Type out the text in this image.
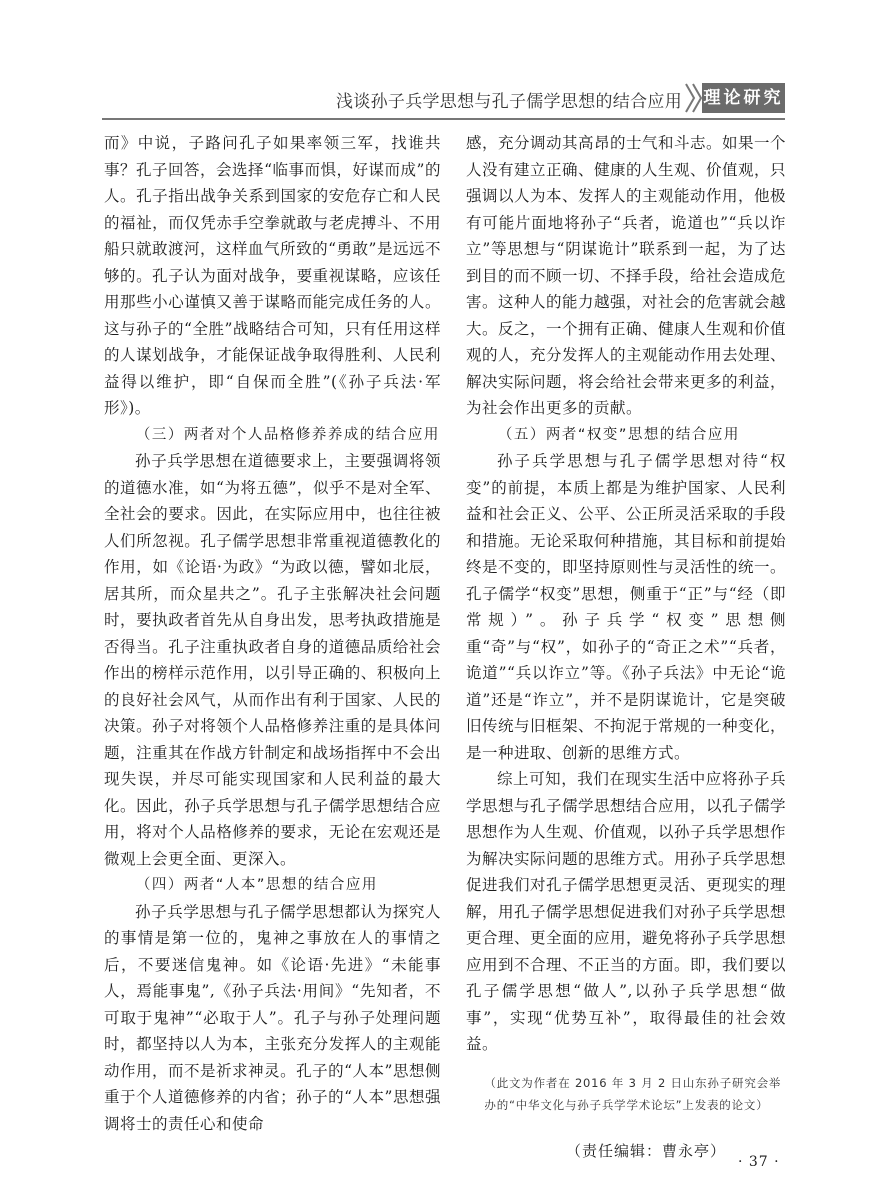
浅谈孙子兵学思想与孔子儒学思想的结合应用 理论研究

而》中说，子路问孔子如果率领三军，找谁共事？孔子回答，会选择“临事而惧，好谋而成”的人。孔子指出战争关系到国家的安危存亡和人民的福祉，而仅凭赤手空拳就敢与老虎搏斗、不用船只就敢渡河，这样血气所致的“勇敢”是远远不够的。孔子认为面对战争，要重视谋略，应该任用那些小心谨慎又善于谋略而能完成任务的人。这与孙子的“全胜”战略结合可知，只有任用这样的人谋划战争，才能保证战争取得胜利、人民利益得以维护，即“自保而全胜”(《孙子兵法·军形》)。

（三）两者对个人品格修养养成的结合应用

孙子兵学思想在道德要求上，主要强调将领的道德水准，如“为将五德”，似乎不是对全军、全社会的要求。因此，在实际应用中，也往往被人们所忽视。孔子儒学思想非常重视道德教化的作用，如《论语·为政》“为政以德，譬如北辰，居其所，而众星共之”。孔子主张解决社会问题时，要执政者首先从自身出发，思考执政措施是否得当。孔子注重执政者自身的道德品质给社会作出的榜样示范作用，以引导正确的、积极向上的良好社会风气，从而作出有利于国家、人民的决策。孙子对将领个人品格修养注重的是具体问题，注重其在作战方针制定和战场指挥中不会出现失误，并尽可能实现国家和人民利益的最大化。因此，孙子兵学思想与孔子儒学思想结合应用，将对个人品格修养的要求，无论在宏观还是微观上会更全面、更深入。

（四）两者“人本”思想的结合应用

孙子兵学思想与孔子儒学思想都认为探究人的事情是第一位的，鬼神之事放在人的事情之后，不要迷信鬼神。如《论语·先进》“未能事人，焉能事鬼”,《孙子兵法·用间》“先知者，不可取于鬼神”“必取于人”。孔子与孙子处理问题时，都坚持以人为本，主张充分发挥人的主观能动作用，而不是祈求神灵。孔子的“人本”思想侧重于个人道德修养的内省；孙子的“人本”思想强调将士的责任心和使命

感，充分调动其高昂的士气和斗志。如果一个人没有建立正确、健康的人生观、价值观，只强调以人为本、发挥人的主观能动作用，他极有可能片面地将孙子“兵者，诡道也”“兵以诈立”等思想与“阴谋诡计”联系到一起，为了达到目的而不顾一切、不择手段，给社会造成危害。这种人的能力越强，对社会的危害就会越大。反之，一个拥有正确、健康人生观和价值观的人，充分发挥人的主观能动作用去处理、解决实际问题，将会给社会带来更多的利益，为社会作出更多的贡献。

（五）两者“权变”思想的结合应用

孙子兵学思想与孔子儒学思想对待“权变”的前提，本质上都是为维护国家、人民利益和社会正义、公平、公正所灵活采取的手段和措施。无论采取何种措施，其目标和前提始终是不变的，即坚持原则性与灵活性的统一。孔子儒学“权变”思想，侧重于“正”与“经（即常规）”。孙子兵学“权变”思想侧重“奇”与“权”，如孙子的“奇正之术”“兵者，诡道”“兵以诈立”等。《孙子兵法》中无论“诡道”还是“诈立”，并不是阴谋诡计，它是突破旧传统与旧框架、不拘泥于常规的一种变化，是一种进取、创新的思维方式。

综上可知，我们在现实生活中应将孙子兵学思想与孔子儒学思想结合应用，以孔子儒学思想作为人生观、价值观，以孙子兵学思想作为解决实际问题的思维方式。用孙子兵学思想促进我们对孔子儒学思想更灵活、更现实的理解，用孔子儒学思想促进我们对孙子兵学思想更合理、更全面的应用，避免将孙子兵学思想应用到不合理、不正当的方面。即，我们要以孔子儒学思想“做人”,以孙子兵学思想“做事”，实现“优势互补”，取得最佳的社会效益。

（此文为作者在 2016 年 3 月 2 日山东孙子研究会举办的“中华文化与孙子兵学学术论坛”上发表的论文）
（责任编辑：曹永亭）
· 37 ·
